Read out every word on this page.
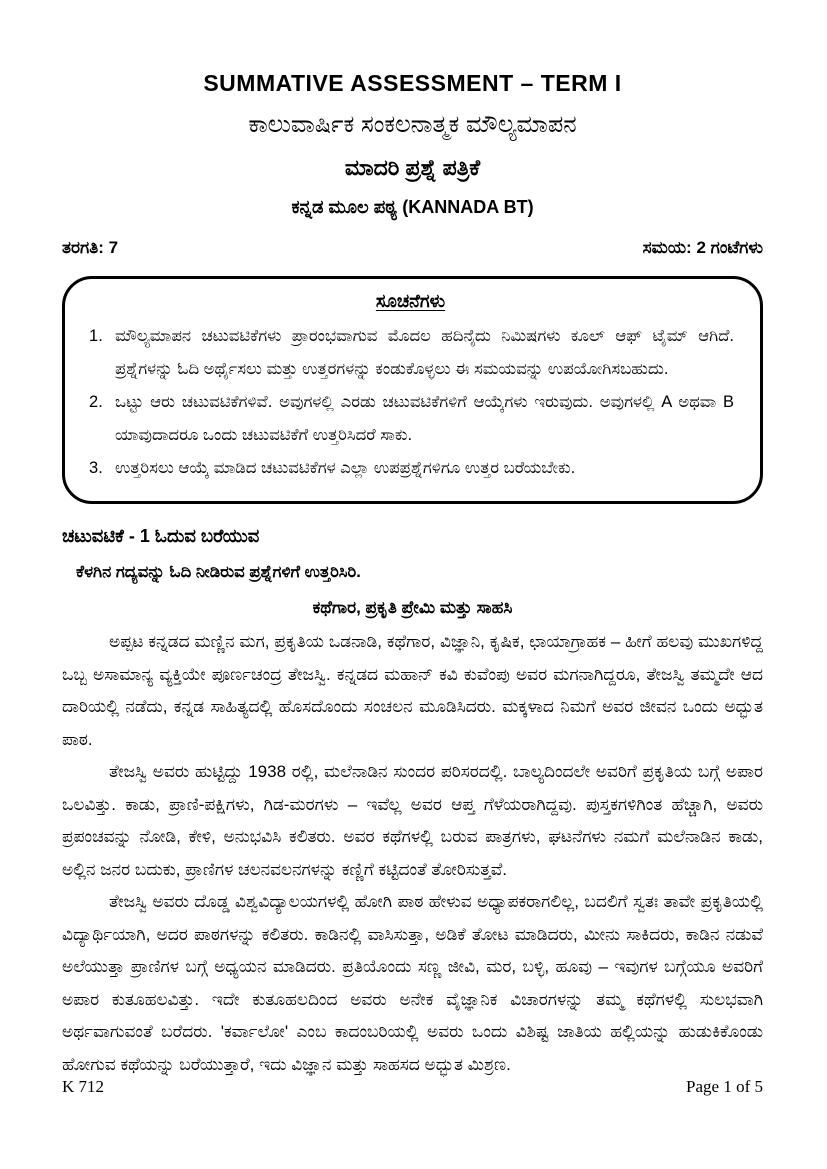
SUMMATIVE ASSESSMENT – TERM I
ಕಾಲುವಾರ್ಷಿಕ ಸಂಕಲನಾತ್ಮಕ ಮೌಲ್ಯಮಾಪನ
ಮಾದರಿ ಪ್ರಶ್ನೆ ಪತ್ರಿಕೆ
ಕನ್ನಡ ಮೂಲ ಪಠ್ಯ (KANNADA BT)
ತರಗತಿ: 7	ಸಮಯ: 2 ಗಂಟೆಗಳು
ಸೂಚನೆಗಳು
ಮೌಲ್ಯಮಾಪನ ಚಟುವಟಿಕೆಗಳು ಪ್ರಾರಂಭವಾಗುವ ಮೊದಲ ಹದಿನೈದು ನಿಮಿಷಗಳು ಕೂಲ್ ಆಫ್ ಟೈಮ್ ಆಗಿದೆ. ಪ್ರಶ್ನೆಗಳನ್ನು ಓದಿ ಅರ್ಥೈಸಲು ಮತ್ತು ಉತ್ತರಗಳನ್ನು ಕಂಡುಕೊಳ್ಳಲು ಈ ಸಮಯವನ್ನು ಉಪಯೋಗಿಸಬಹುದು.
ಒಟ್ಟು ಆರು ಚಟುವಟಿಕೆಗಳಿವೆ. ಅವುಗಳಲ್ಲಿ ಎರಡು ಚಟುವಟಿಕೆಗಳಿಗೆ ಆಯ್ಕೆಗಳು ಇರುವುದು. ಅವುಗಳಲ್ಲಿ A ಅಥವಾ B ಯಾವುದಾದರೂ ಒಂದು ಚಟುವಟಿಕೆಗೆ ಉತ್ತರಿಸಿದರೆ ಸಾಕು.
ಉತ್ತರಿಸಲು ಆಯ್ಕೆ ಮಾಡಿದ ಚಟುವಟಿಕೆಗಳ ಎಲ್ಲಾ ಉಪಪ್ರಶ್ನೆಗಳಿಗೂ ಉತ್ತರ ಬರೆಯಬೇಕು.
ಚಟುವಟಿಕೆ - 1 ಓದುವ ಬರೆಯುವ
ಕೆಳಗಿನ ಗದ್ಯವನ್ನು ಓದಿ ನೀಡಿರುವ ಪ್ರಶ್ನೆಗಳಿಗೆ ಉತ್ತರಿಸಿರಿ.
ಕಥೆಗಾರ, ಪ್ರಕೃತಿ ಪ್ರೇಮಿ ಮತ್ತು ಸಾಹಸಿ

ಅಪ್ಪಟ ಕನ್ನಡದ ಮಣ್ಣಿನ ಮಗ, ಪ್ರಕೃತಿಯ ಒಡನಾಡಿ, ಕಥೆಗಾರ, ವಿಜ್ಞಾನಿ, ಕೃಷಿಕ, ಛಾಯಾಗ್ರಾಹಕ – ಹೀಗೆ ಹಲವು ಮುಖಗಳಿದ್ದ ಒಬ್ಬ ಅಸಾಮಾನ್ಯ ವ್ಯಕ್ತಿಯೇ ಪೂರ್ಣಚಂದ್ರ ತೇಜಸ್ವಿ. ಕನ್ನಡದ ಮಹಾನ್ ಕವಿ ಕುವೆಂಪು ಅವರ ಮಗನಾಗಿದ್ದರೂ, ತೇಜಸ್ವಿ ತಮ್ಮದೇ ಆದ ದಾರಿಯಲ್ಲಿ ನಡೆದು, ಕನ್ನಡ ಸಾಹಿತ್ಯದಲ್ಲಿ ಹೊಸದೊಂದು ಸಂಚಲನ ಮೂಡಿಸಿದರು. ಮಕ್ಕಳಾದ ನಿಮಗೆ ಅವರ ಜೀವನ ಒಂದು ಅದ್ಭುತ ಪಾಠ.

ತೇಜಸ್ವಿ ಅವರು ಹುಟ್ಟಿದ್ದು 1938 ರಲ್ಲಿ, ಮಲೆನಾಡಿನ ಸುಂದರ ಪರಿಸರದಲ್ಲಿ. ಬಾಲ್ಯದಿಂದಲೇ ಅವರಿಗೆ ಪ್ರಕೃತಿಯ ಬಗ್ಗೆ ಅಪಾರ ಒಲವಿತ್ತು. ಕಾಡು, ಪ್ರಾಣಿ-ಪಕ್ಷಿಗಳು, ಗಿಡ-ಮರಗಳು – ಇವೆಲ್ಲ ಅವರ ಆಪ್ತ ಗೆಳೆಯರಾಗಿದ್ದವು. ಪುಸ್ತಕಗಳಿಗಿಂತ ಹೆಚ್ಚಾಗಿ, ಅವರು ಪ್ರಪಂಚವನ್ನು ನೋಡಿ, ಕೇಳಿ, ಅನುಭವಿಸಿ ಕಲಿತರು. ಅವರ ಕಥೆಗಳಲ್ಲಿ ಬರುವ ಪಾತ್ರಗಳು, ಘಟನೆಗಳು ನಮಗೆ ಮಲೆನಾಡಿನ ಕಾಡು, ಅಲ್ಲಿನ ಜನರ ಬದುಕು, ಪ್ರಾಣಿಗಳ ಚಲನವಲನಗಳನ್ನು ಕಣ್ಣಿಗೆ ಕಟ್ಟಿದಂತೆ ತೋರಿಸುತ್ತವೆ.

ತೇಜಸ್ವಿ ಅವರು ದೊಡ್ಡ ವಿಶ್ವವಿದ್ಯಾಲಯಗಳಲ್ಲಿ ಹೋಗಿ ಪಾಠ ಹೇಳುವ ಅಧ್ಯಾಪಕರಾಗಲಿಲ್ಲ, ಬದಲಿಗೆ ಸ್ವತಃ ತಾವೇ ಪ್ರಕೃತಿಯಲ್ಲಿ ವಿದ್ಯಾರ್ಥಿಯಾಗಿ, ಅದರ ಪಾಠಗಳನ್ನು ಕಲಿತರು. ಕಾಡಿನಲ್ಲಿ ವಾಸಿಸುತ್ತಾ, ಅಡಿಕೆ ತೋಟ ಮಾಡಿದರು, ಮೀನು ಸಾಕಿದರು, ಕಾಡಿನ ನಡುವೆ ಅಲೆಯುತ್ತಾ ಪ್ರಾಣಿಗಳ ಬಗ್ಗೆ ಅಧ್ಯಯನ ಮಾಡಿದರು. ಪ್ರತಿಯೊಂದು ಸಣ್ಣ ಜೀವಿ, ಮರ, ಬಳ್ಳಿ, ಹೂವು – ಇವುಗಳ ಬಗ್ಗೆಯೂ ಅವರಿಗೆ ಅಪಾರ ಕುತೂಹಲವಿತ್ತು. ಇದೇ ಕುತೂಹಲದಿಂದ ಅವರು ಅನೇಕ ವೈಜ್ಞಾನಿಕ ವಿಚಾರಗಳನ್ನು ತಮ್ಮ ಕಥೆಗಳಲ್ಲಿ ಸುಲಭವಾಗಿ ಅರ್ಥವಾಗುವಂತೆ ಬರೆದರು. 'ಕರ್ವಾಲೋ' ಎಂಬ ಕಾದಂಬರಿಯಲ್ಲಿ ಅವರು ಒಂದು ವಿಶಿಷ್ಟ ಜಾತಿಯ ಹಲ್ಲಿಯನ್ನು ಹುಡುಕಿಕೊಂಡು ಹೋಗುವ ಕಥೆಯನ್ನು ಬರೆಯುತ್ತಾರೆ, ಇದು ವಿಜ್ಞಾನ ಮತ್ತು ಸಾಹಸದ ಅದ್ಭುತ ಮಿಶ್ರಣ.

K 712	Page 1 of 5
